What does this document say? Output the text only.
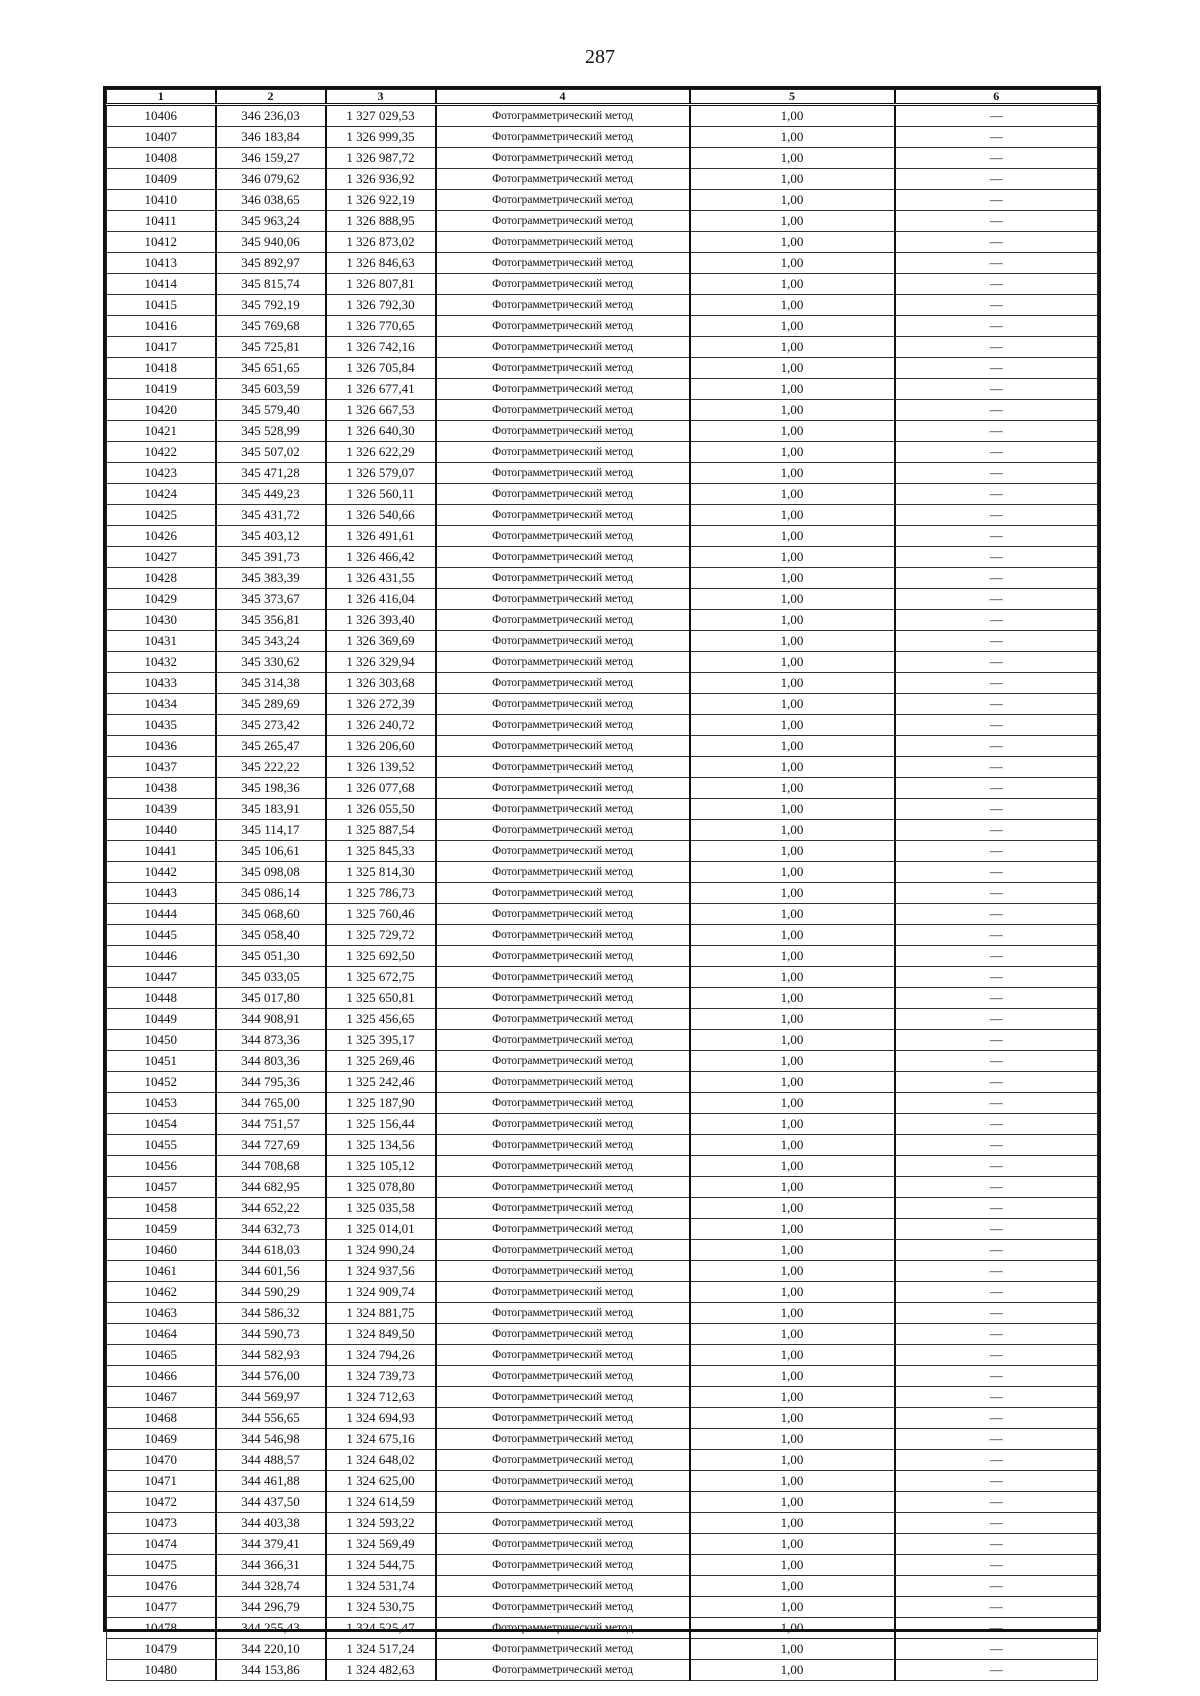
287
1	2	3	4	5	6
10406	346 236,03	1 327 029,53	Фотограмметрический метод	1,00	—
10407	346 183,84	1 326 999,35	Фотограмметрический метод	1,00	—
10408	346 159,27	1 326 987,72	Фотограмметрический метод	1,00	—
10409	346 079,62	1 326 936,92	Фотограмметрический метод	1,00	—
10410	346 038,65	1 326 922,19	Фотограмметрический метод	1,00	—
10411	345 963,24	1 326 888,95	Фотограмметрический метод	1,00	—
10412	345 940,06	1 326 873,02	Фотограмметрический метод	1,00	—
10413	345 892,97	1 326 846,63	Фотограмметрический метод	1,00	—
10414	345 815,74	1 326 807,81	Фотограмметрический метод	1,00	—
10415	345 792,19	1 326 792,30	Фотограмметрический метод	1,00	—
10416	345 769,68	1 326 770,65	Фотограмметрический метод	1,00	—
10417	345 725,81	1 326 742,16	Фотограмметрический метод	1,00	—
10418	345 651,65	1 326 705,84	Фотограмметрический метод	1,00	—
10419	345 603,59	1 326 677,41	Фотограмметрический метод	1,00	—
10420	345 579,40	1 326 667,53	Фотограмметрический метод	1,00	—
10421	345 528,99	1 326 640,30	Фотограмметрический метод	1,00	—
10422	345 507,02	1 326 622,29	Фотограмметрический метод	1,00	—
10423	345 471,28	1 326 579,07	Фотограмметрический метод	1,00	—
10424	345 449,23	1 326 560,11	Фотограмметрический метод	1,00	—
10425	345 431,72	1 326 540,66	Фотограмметрический метод	1,00	—
10426	345 403,12	1 326 491,61	Фотограмметрический метод	1,00	—
10427	345 391,73	1 326 466,42	Фотограмметрический метод	1,00	—
10428	345 383,39	1 326 431,55	Фотограмметрический метод	1,00	—
10429	345 373,67	1 326 416,04	Фотограмметрический метод	1,00	—
10430	345 356,81	1 326 393,40	Фотограмметрический метод	1,00	—
10431	345 343,24	1 326 369,69	Фотограмметрический метод	1,00	—
10432	345 330,62	1 326 329,94	Фотограмметрический метод	1,00	—
10433	345 314,38	1 326 303,68	Фотограмметрический метод	1,00	—
10434	345 289,69	1 326 272,39	Фотограмметрический метод	1,00	—
10435	345 273,42	1 326 240,72	Фотограмметрический метод	1,00	—
10436	345 265,47	1 326 206,60	Фотограмметрический метод	1,00	—
10437	345 222,22	1 326 139,52	Фотограмметрический метод	1,00	—
10438	345 198,36	1 326 077,68	Фотограмметрический метод	1,00	—
10439	345 183,91	1 326 055,50	Фотограмметрический метод	1,00	—
10440	345 114,17	1 325 887,54	Фотограмметрический метод	1,00	—
10441	345 106,61	1 325 845,33	Фотограмметрический метод	1,00	—
10442	345 098,08	1 325 814,30	Фотограмметрический метод	1,00	—
10443	345 086,14	1 325 786,73	Фотограмметрический метод	1,00	—
10444	345 068,60	1 325 760,46	Фотограмметрический метод	1,00	—
10445	345 058,40	1 325 729,72	Фотограмметрический метод	1,00	—
10446	345 051,30	1 325 692,50	Фотограмметрический метод	1,00	—
10447	345 033,05	1 325 672,75	Фотограмметрический метод	1,00	—
10448	345 017,80	1 325 650,81	Фотограмметрический метод	1,00	—
10449	344 908,91	1 325 456,65	Фотограмметрический метод	1,00	—
10450	344 873,36	1 325 395,17	Фотограмметрический метод	1,00	—
10451	344 803,36	1 325 269,46	Фотограмметрический метод	1,00	—
10452	344 795,36	1 325 242,46	Фотограмметрический метод	1,00	—
10453	344 765,00	1 325 187,90	Фотограмметрический метод	1,00	—
10454	344 751,57	1 325 156,44	Фотограмметрический метод	1,00	—
10455	344 727,69	1 325 134,56	Фотограмметрический метод	1,00	—
10456	344 708,68	1 325 105,12	Фотограмметрический метод	1,00	—
10457	344 682,95	1 325 078,80	Фотограмметрический метод	1,00	—
10458	344 652,22	1 325 035,58	Фотограмметрический метод	1,00	—
10459	344 632,73	1 325 014,01	Фотограмметрический метод	1,00	—
10460	344 618,03	1 324 990,24	Фотограмметрический метод	1,00	—
10461	344 601,56	1 324 937,56	Фотограмметрический метод	1,00	—
10462	344 590,29	1 324 909,74	Фотограмметрический метод	1,00	—
10463	344 586,32	1 324 881,75	Фотограмметрический метод	1,00	—
10464	344 590,73	1 324 849,50	Фотограмметрический метод	1,00	—
10465	344 582,93	1 324 794,26	Фотограмметрический метод	1,00	—
10466	344 576,00	1 324 739,73	Фотограмметрический метод	1,00	—
10467	344 569,97	1 324 712,63	Фотограмметрический метод	1,00	—
10468	344 556,65	1 324 694,93	Фотограмметрический метод	1,00	—
10469	344 546,98	1 324 675,16	Фотограмметрический метод	1,00	—
10470	344 488,57	1 324 648,02	Фотограмметрический метод	1,00	—
10471	344 461,88	1 324 625,00	Фотограмметрический метод	1,00	—
10472	344 437,50	1 324 614,59	Фотограмметрический метод	1,00	—
10473	344 403,38	1 324 593,22	Фотограмметрический метод	1,00	—
10474	344 379,41	1 324 569,49	Фотограмметрический метод	1,00	—
10475	344 366,31	1 324 544,75	Фотограмметрический метод	1,00	—
10476	344 328,74	1 324 531,74	Фотограмметрический метод	1,00	—
10477	344 296,79	1 324 530,75	Фотограмметрический метод	1,00	—
10478	344 255,43	1 324 525,47	Фотограмметрический метод	1,00	—
10479	344 220,10	1 324 517,24	Фотограмметрический метод	1,00	—
10480	344 153,86	1 324 482,63	Фотограмметрический метод	1,00	—
